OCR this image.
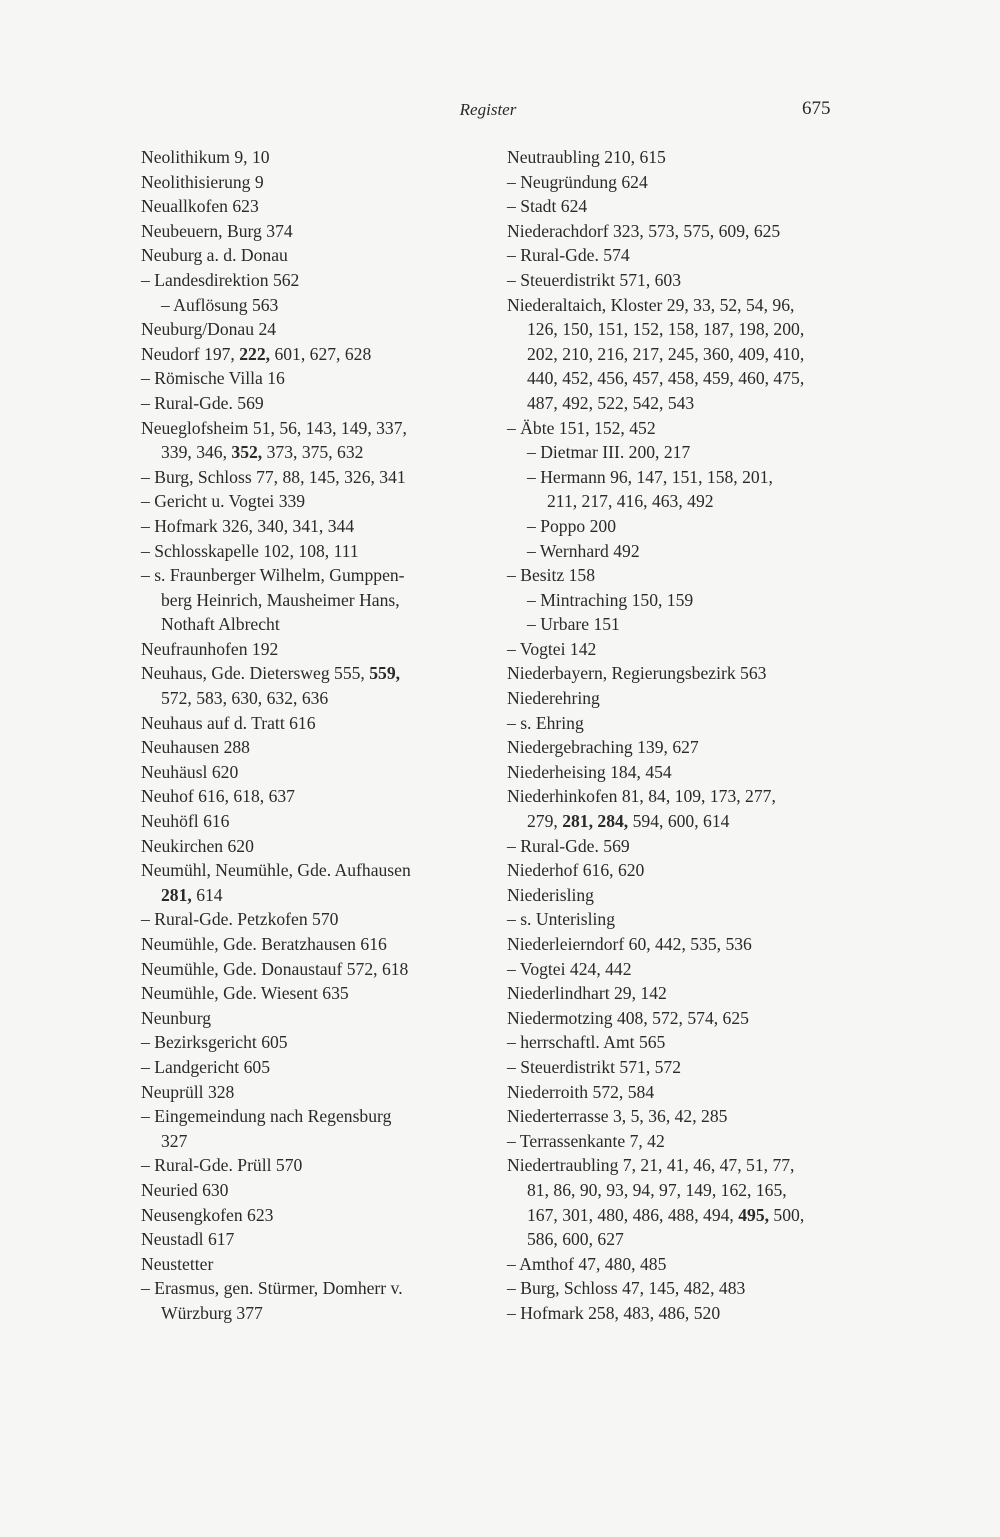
Register	675
Neolithikum 9, 10
Neolithisierung 9
Neuallkofen 623
Neubeuern, Burg 374
Neuburg a. d. Donau
– Landesdirektion 562
– Auflösung 563
Neuburg/Donau 24
Neudorf 197, 222, 601, 627, 628
– Römische Villa 16
– Rural-Gde. 569
Neueglofsheim 51, 56, 143, 149, 337,
339, 346, 352, 373, 375, 632
– Burg, Schloss 77, 88, 145, 326, 341
– Gericht u. Vogtei 339
– Hofmark 326, 340, 341, 344
– Schlosskapelle 102, 108, 111
– s. Fraunberger Wilhelm, Gumppen-
berg Heinrich, Mausheimer Hans,
Nothaft Albrecht
Neufraunhofen 192
Neuhaus, Gde. Dietersweg 555, 559,
572, 583, 630, 632, 636
Neuhaus auf d. Tratt 616
Neuhausen 288
Neuhäusl 620
Neuhof 616, 618, 637
Neuhöfl 616
Neukirchen 620
Neumühl, Neumühle, Gde. Aufhausen
281, 614
– Rural-Gde. Petzkofen 570
Neumühle, Gde. Beratzhausen 616
Neumühle, Gde. Donaustauf 572, 618
Neumühle, Gde. Wiesent 635
Neunburg
– Bezirksgericht 605
– Landgericht 605
Neuprüll 328
– Eingemeindung nach Regensburg
327
– Rural-Gde. Prüll 570
Neuried 630
Neusengkofen 623
Neustadl 617
Neustetter
– Erasmus, gen. Stürmer, Domherr v.
Würzburg 377
Neutraubling 210, 615
– Neugründung 624
– Stadt 624
Niederachdorf 323, 573, 575, 609, 625
– Rural-Gde. 574
– Steuerdistrikt 571, 603
Niederaltaich, Kloster 29, 33, 52, 54, 96,
126, 150, 151, 152, 158, 187, 198, 200,
202, 210, 216, 217, 245, 360, 409, 410,
440, 452, 456, 457, 458, 459, 460, 475,
487, 492, 522, 542, 543
– Äbte 151, 152, 452
– Dietmar III. 200, 217
– Hermann 96, 147, 151, 158, 201,
211, 217, 416, 463, 492
– Poppo 200
– Wernhard 492
– Besitz 158
– Mintraching 150, 159
– Urbare 151
– Vogtei 142
Niederbayern, Regierungsbezirk 563
Niederehring
– s. Ehring
Niedergebraching 139, 627
Niederheising 184, 454
Niederhinkofen 81, 84, 109, 173, 277,
279, 281, 284, 594, 600, 614
– Rural-Gde. 569
Niederhof 616, 620
Niederisling
– s. Unterisling
Niederleierndorf 60, 442, 535, 536
– Vogtei 424, 442
Niederlindhart 29, 142
Niedermotzing 408, 572, 574, 625
– herrschaftl. Amt 565
– Steuerdistrikt 571, 572
Niederroith 572, 584
Niederterrasse 3, 5, 36, 42, 285
– Terrassenkante 7, 42
Niedertraubling 7, 21, 41, 46, 47, 51, 77,
81, 86, 90, 93, 94, 97, 149, 162, 165,
167, 301, 480, 486, 488, 494, 495, 500,
586, 600, 627
– Amthof 47, 480, 485
– Burg, Schloss 47, 145, 482, 483
– Hofmark 258, 483, 486, 520
